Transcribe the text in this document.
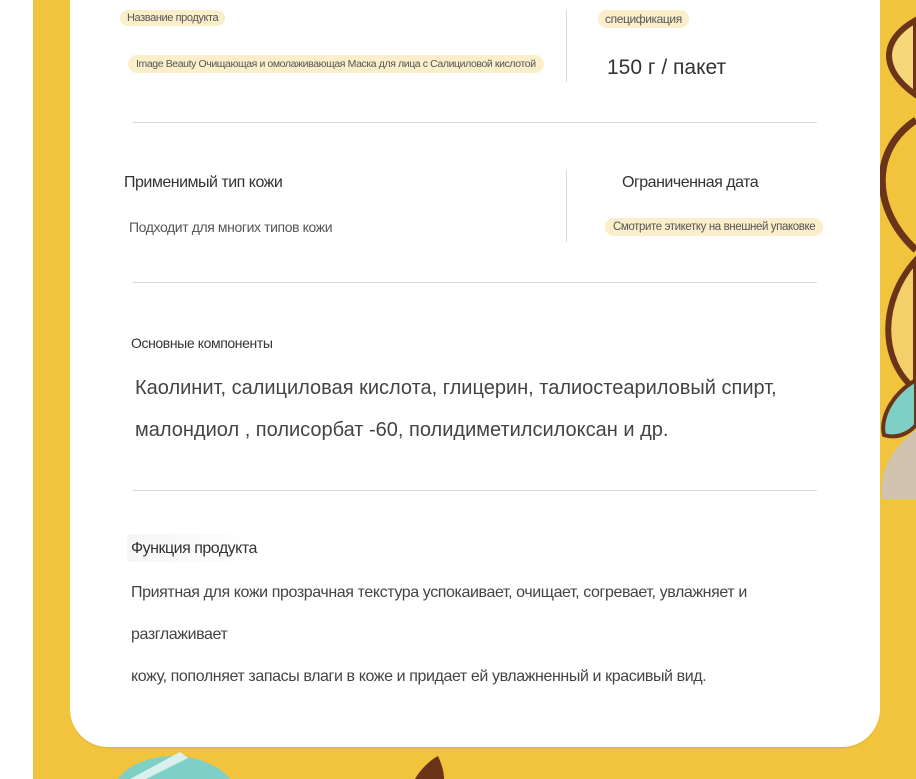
Название продукта
Image Beauty Очищающая и омолаживающая Маска для лица с Салициловой кислотой
спецификация
150 г / пакет
Применимый тип кожи
Подходит для многих типов кожи
Ограниченная дата
Смотрите этикетку на внешней упаковке
Основные компоненты
Каолинит, салициловая кислота, глицерин, талиостеариловый спирт,
малондиол , полисорбат -60, полидиметилсилоксан и др.
Функция продукта
Приятная для кожи прозрачная текстура успокаивает, очищает, согревает, увлажняет и разглаживает
кожу, пополняет запасы влаги в коже и придает ей увлажненный и красивый вид.
